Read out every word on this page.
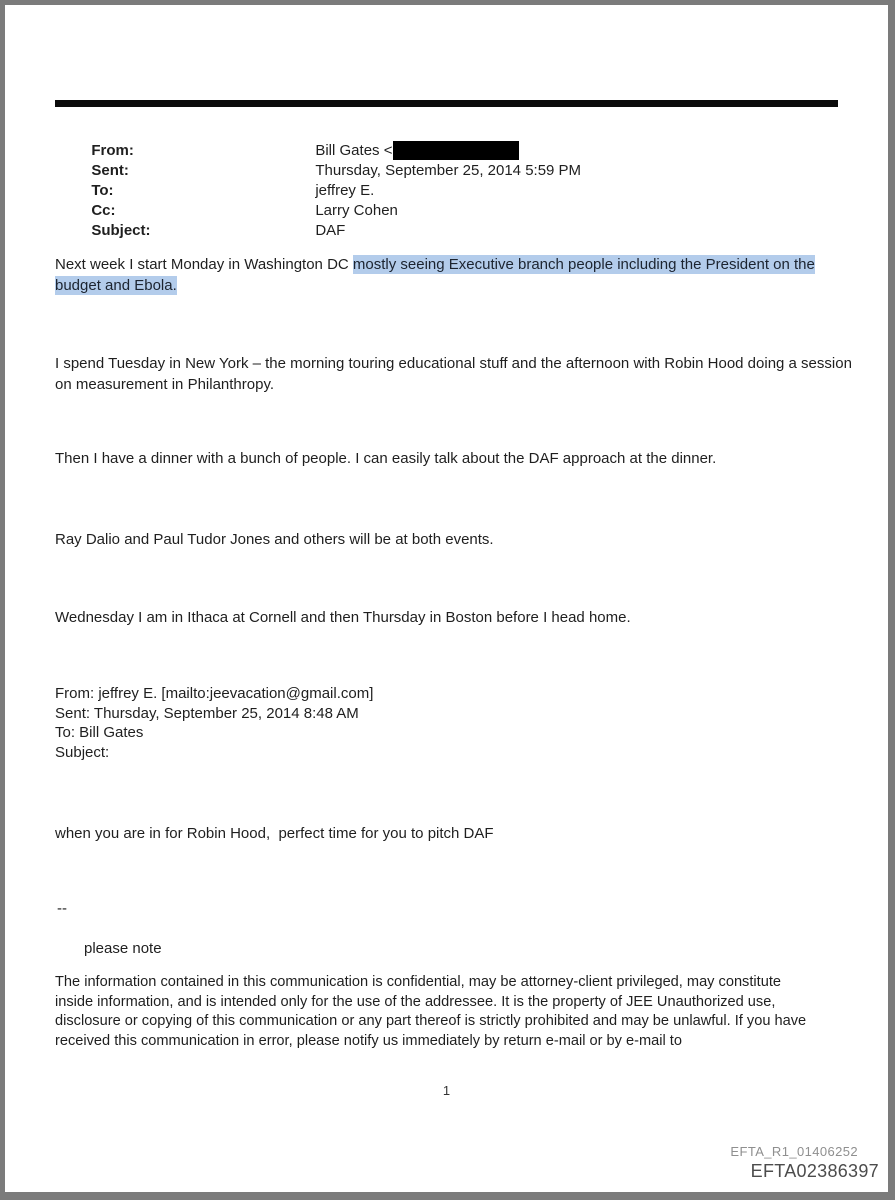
From:	Bill Gates <

Sent:	Thursday, September 25, 2014 5:59 PM

To:	jeffrey E.

Cc:	Larry Cohen

Subject:	DAF

Next week I start Monday in Washington DC mostly seeing Executive branch people including the President on the
budget and Ebola.
I spend Tuesday in New York – the morning touring educational stuff and the afternoon with Robin Hood doing a session
on measurement in Philanthropy.
Then I have a dinner with a bunch of people. I can easily talk about the DAF approach at the dinner.
Ray Dalio and Paul Tudor Jones and others will be at both events.
Wednesday I am in Ithaca at Cornell and then Thursday in Boston before I head home.
From: jeffrey E. [mailto:jeevacation@gmail.com]
Sent: Thursday, September 25, 2014 8:48 AM
To: Bill Gates
Subject:
when you are in for Robin Hood,  perfect time for you to pitch DAF
--
please note
The information contained in this communication is confidential, may be attorney-client privileged, may constitute
inside information, and is intended only for the use of the addressee. It is the property of JEE Unauthorized use,
disclosure or copying of this communication or any part thereof is strictly prohibited and may be unlawful. If you have
received this communication in error, please notify us immediately by return e-mail or by e-mail to
1
EFTA_R1_01406252
EFTA02386397
